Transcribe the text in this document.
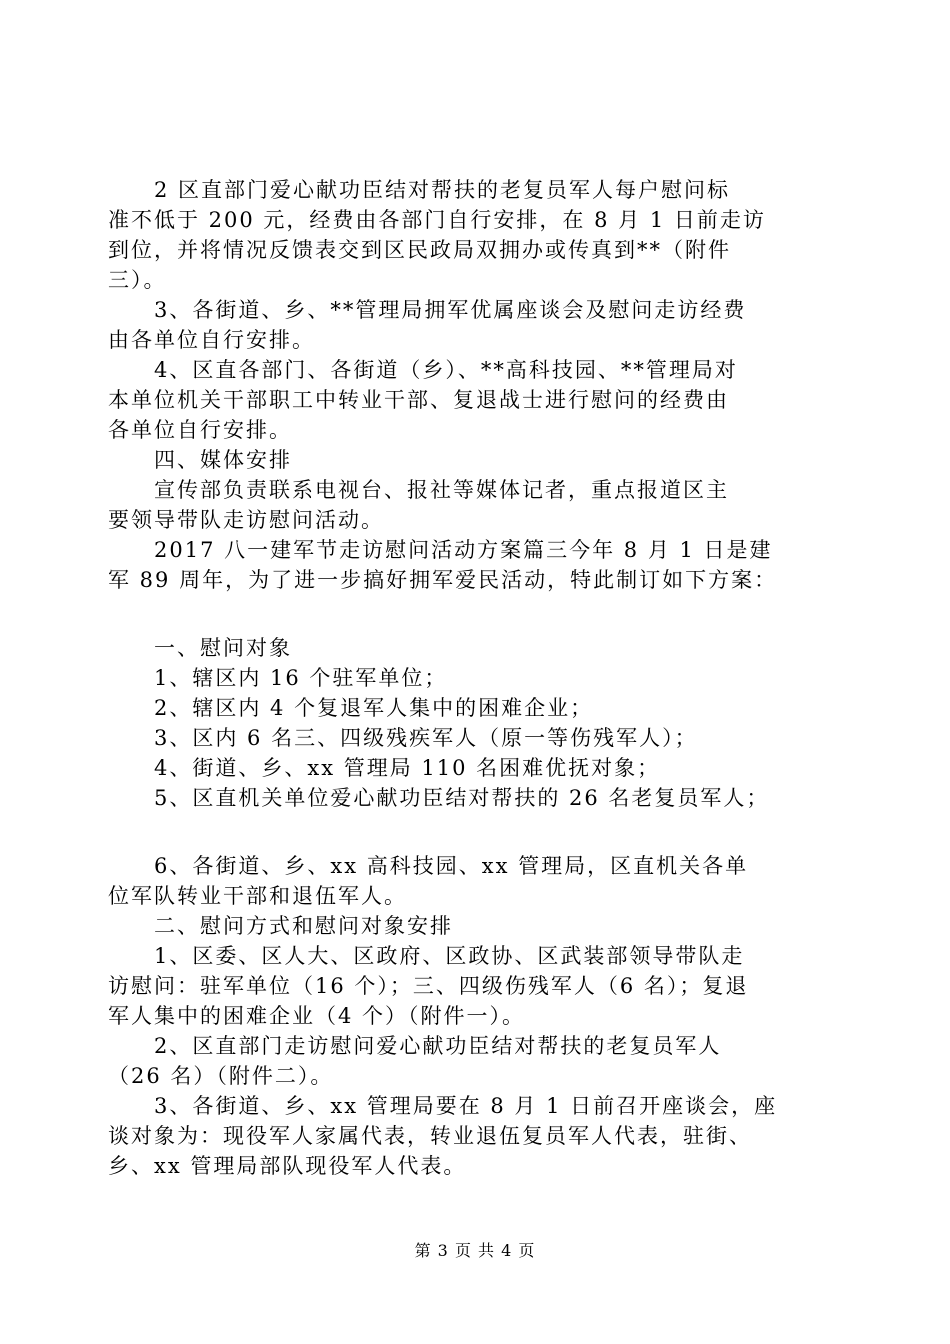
　　2 区直部门爱心献功臣结对帮扶的老复员军人每户慰问标
准不低于 200 元，经费由各部门自行安排，在 8 月 1 日前走访
到位，并将情况反馈表交到区民政局双拥办或传真到**（附件
三）。
　　3、各街道、乡、**管理局拥军优属座谈会及慰问走访经费
由各单位自行安排。
　　4、区直各部门、各街道（乡）、**高科技园、**管理局对
本单位机关干部职工中转业干部、复退战士进行慰问的经费由
各单位自行安排。
　　四、媒体安排
　　宣传部负责联系电视台、报社等媒体记者，重点报道区主
要领导带队走访慰问活动。
　　2017 八一建军节走访慰问活动方案篇三今年 8 月 1 日是建
军 89 周年，为了进一步搞好拥军爱民活动，特此制订如下方案：
　　一、慰问对象
　　1、辖区内 16 个驻军单位；
　　2、辖区内 4 个复退军人集中的困难企业；
　　3、区内 6 名三、四级残疾军人（原一等伤残军人）；
　　4、街道、乡、xx 管理局 110 名困难优抚对象；
　　5、区直机关单位爱心献功臣结对帮扶的 26 名老复员军人；
　　6、各街道、乡、xx 高科技园、xx 管理局，区直机关各单
位军队转业干部和退伍军人。
　　二、慰问方式和慰问对象安排
　　1、区委、区人大、区政府、区政协、区武装部领导带队走
访慰问：驻军单位（16 个）；三、四级伤残军人（6 名）；复退
军人集中的困难企业（4 个）（附件一）。
　　2、区直部门走访慰问爱心献功臣结对帮扶的老复员军人
（26 名）（附件二）。
　　3、各街道、乡、xx 管理局要在 8 月 1 日前召开座谈会，座
谈对象为：现役军人家属代表，转业退伍复员军人代表，驻街、
乡、xx 管理局部队现役军人代表。
第 3 页 共 4 页
